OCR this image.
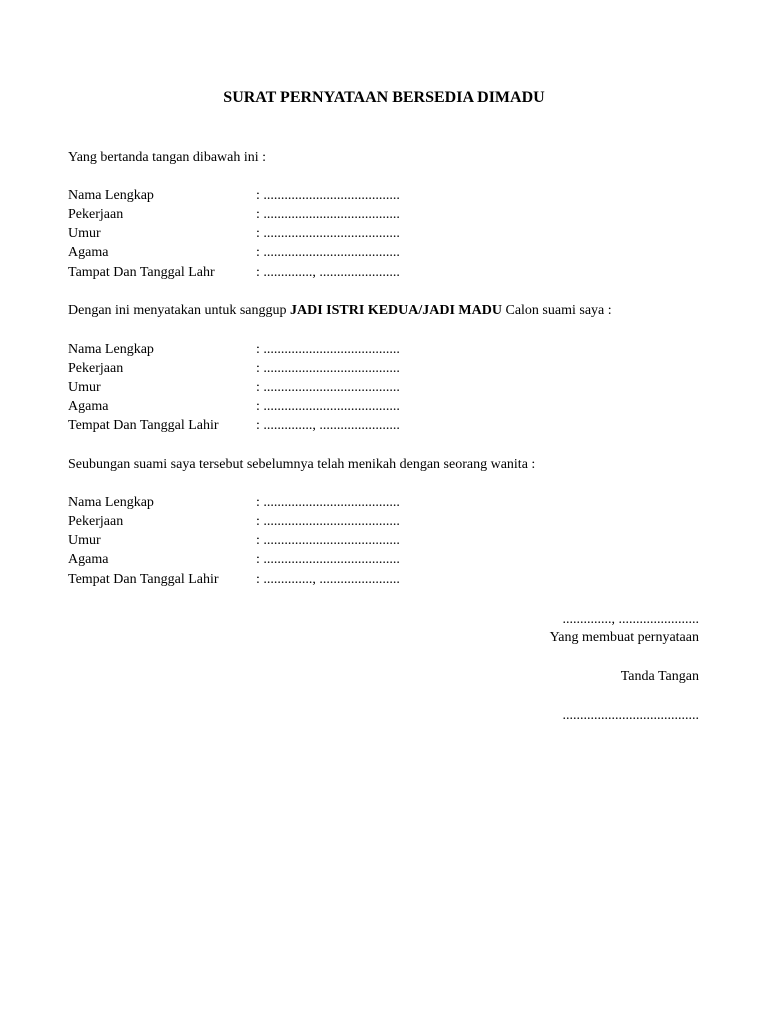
SURAT PERNYATAAN BERSEDIA DIMADU
Yang bertanda tangan dibawah ini :
Nama Lengkap	: .......................................
Pekerjaan	: .......................................
Umur	: .......................................
Agama	: .......................................
Tampat Dan Tanggal Lahr	: .............., .......................
Dengan ini menyatakan untuk sanggup JADI ISTRI KEDUA/JADI MADU Calon suami saya :
Nama Lengkap	: .......................................
Pekerjaan	: .......................................
Umur	: .......................................
Agama	: .......................................
Tempat Dan Tanggal Lahir	: .............., .......................
Seubungan suami saya tersebut sebelumnya telah menikah dengan seorang wanita :
Nama Lengkap	: .......................................
Pekerjaan	: .......................................
Umur	: .......................................
Agama	: .......................................
Tempat Dan Tanggal Lahir	: .............., .......................
.............., .......................
Yang membuat pernyataan
Tanda Tangan
.......................................
